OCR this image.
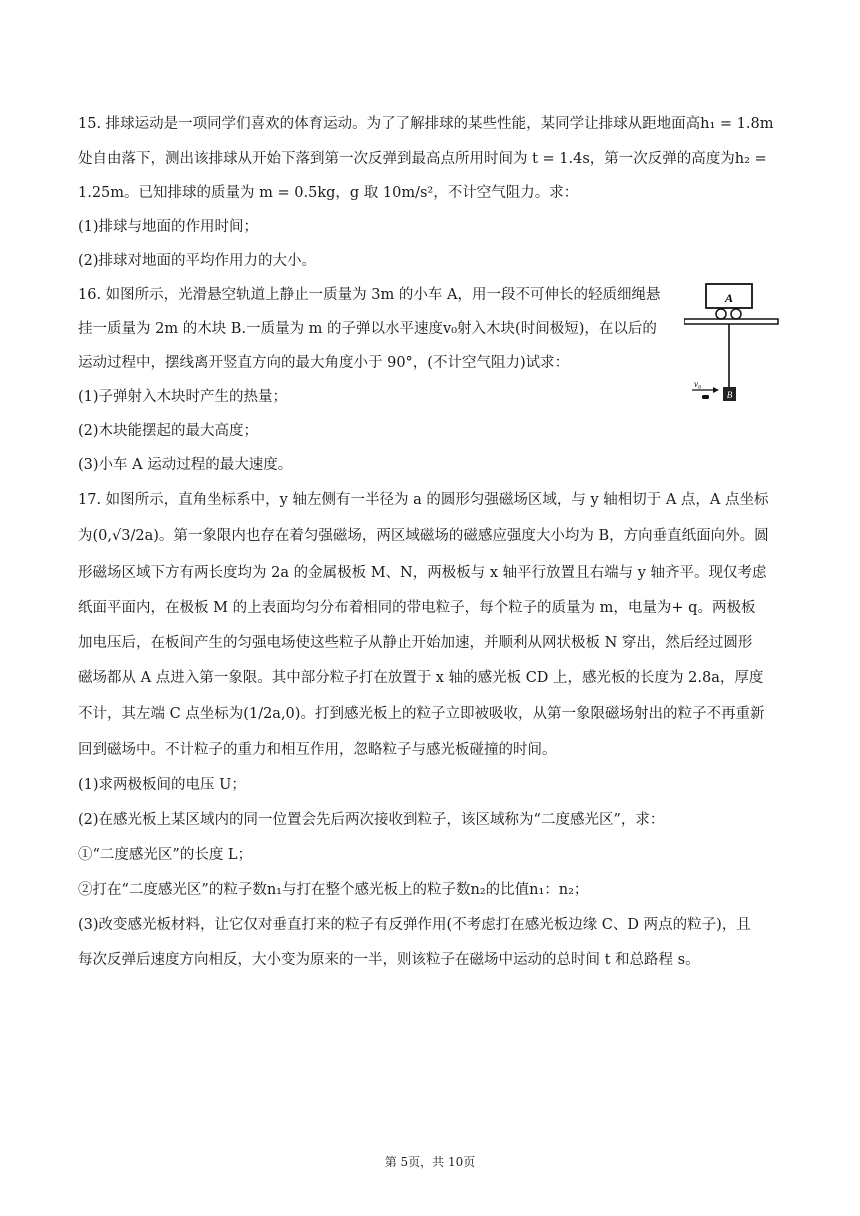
15. 排球运动是一项同学们喜欢的体育运动。为了了解排球的某些性能，某同学让排球从距地面高h₁ = 1.8m
处自由落下，测出该排球从开始下落到第一次反弹到最高点所用时间为 t = 1.4s，第一次反弹的高度为h₂ =
1.25m。已知排球的质量为 m = 0.5kg，g 取 10m/s²，不计空气阻力。求：
(1)排球与地面的作用时间；
(2)排球对地面的平均作用力的大小。
16. 如图所示，光滑悬空轨道上静止一质量为 3m 的小车 A，用一段不可伸长的轻质细绳悬
挂一质量为 2m 的木块 B.一质量为 m 的子弹以水平速度v₀射入木块(时间极短)，在以后的
运动过程中，摆线离开竖直方向的最大角度小于 90°，(不计空气阻力)试求：
(1)子弹射入木块时产生的热量；
(2)木块能摆起的最大高度；
(3)小车 A 运动过程的最大速度。
17. 如图所示，直角坐标系中，y 轴左侧有一半径为 a 的圆形匀强磁场区域，与 y 轴相切于 A 点，A 点坐标
为(0,√3/2a)。第一象限内也存在着匀强磁场，两区域磁场的磁感应强度大小均为 B，方向垂直纸面向外。圆
形磁场区域下方有两长度均为 2a 的金属极板 M、N，两极板与 x 轴平行放置且右端与 y 轴齐平。现仅考虑
纸面平面内，在极板 M 的上表面均匀分布着相同的带电粒子，每个粒子的质量为 m，电量为+ q。两极板
加电压后，在板间产生的匀强电场使这些粒子从静止开始加速，并顺利从网状极板 N 穿出，然后经过圆形
磁场都从 A 点进入第一象限。其中部分粒子打在放置于 x 轴的感光板 CD 上，感光板的长度为 2.8a，厚度
不计，其左端 C 点坐标为(1/2a,0)。打到感光板上的粒子立即被吸收，从第一象限磁场射出的粒子不再重新
回到磁场中。不计粒子的重力和相互作用，忽略粒子与感光板碰撞的时间。
(1)求两极板间的电压 U；
(2)在感光板上某区域内的同一位置会先后两次接收到粒子，该区域称为“二度感光区”，求：
①“二度感光区”的长度 L；
②打在“二度感光区”的粒子数n₁与打在整个感光板上的粒子数n₂的比值n₁：n₂；
(3)改变感光板材料，让它仅对垂直打来的粒子有反弹作用(不考虑打在感光板边缘 C、D 两点的粒子)，且
每次反弹后速度方向相反，大小变为原来的一半，则该粒子在磁场中运动的总时间 t 和总路程 s。
A
B
v₀
第 5页，共 10页
